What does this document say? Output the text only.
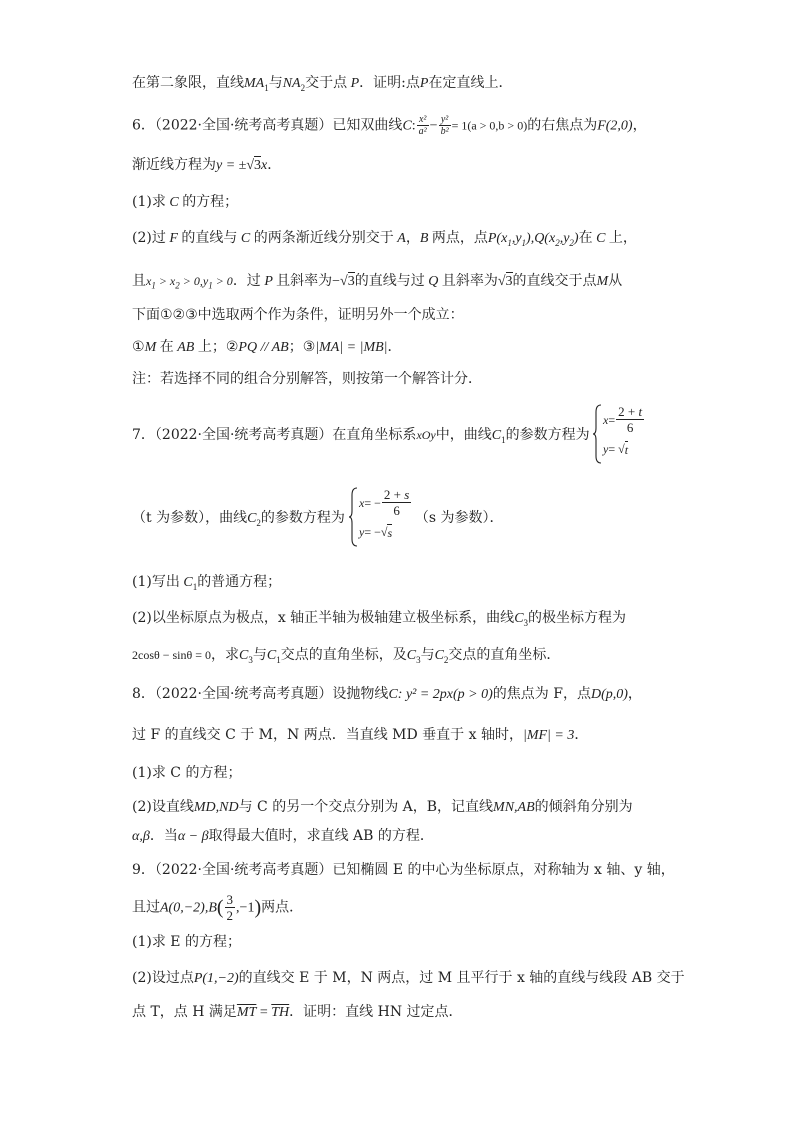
在第二象限，直线$MA_1$与$NA_2$交于点 P．证明:点P在定直线上．
6．（2022·全国·统考高考真题）已知双曲线C: $\frac{\text{x²}}{\text{a²}} - \frac{\text{y²}}{\text{b²}} = 1(a > 0,b > 0)$的右焦点为F(2,0)，
渐近线方程为y = ±√3x．
(1)求 C 的方程；
(2)过 F 的直线与 C 的两条渐近线分别交于 A，B 两点，点$P(x_1,y_1),Q(x_2,y_2)$在 C 上，
且$x_1 > x_2 > 0,y_1 > 0$．过 P 且斜率为−√3的直线与过 Q 且斜率为√3的直线交于点M从
下面①②③中选取两个作为条件，证明另外一个成立：
①M 在 AB 上；②PQ // AB；③|MA| = |MB|．
注：若选择不同的组合分别解答，则按第一个解答计分．
7．（2022·全国·统考高考真题）在直角坐标系xOy中，曲线$C_1$的参数方程为
$x = \frac{2 + t}{6}$
y = √ t
（t 为参数），曲线$C_2$的参数方程为	（s 为参数）．
x = − $\frac{2 + s}{6}$
y = −√ s
(1)写出 $C_1$的普通方程；
(2)以坐标原点为极点，x 轴正半轴为极轴建立极坐标系，曲线$C_3$的极坐标方程为
2cosθ − sinθ = 0，求$C_3$与$C_1$交点的直角坐标，及$C_3$与$C_2$交点的直角坐标．
8．（2022·全国·统考高考真题）设抛物线C: y² = 2px(p > 0)的焦点为 F，点D(p,0)，
过 F 的直线交 C 于 M，N 两点．当直线 MD 垂直于 x 轴时，|MF| = 3．
(1)求 C 的方程；
(2)设直线MD,ND与 C 的另一个交点分别为 A，B，记直线MN,AB的倾斜角分别为
α,β．当α − β取得最大值时，求直线 AB 的方程．
9．（2022·全国·统考高考真题）已知椭圆 E 的中心为坐标原点，对称轴为 x 轴、y 轴，
且过$A(0,-2),B( \frac{3}{2} ,-1)$两点．
(1)求 E 的方程；
(2)设过点P(1,−2)的直线交 E 于 M，N 两点，过 M 且平行于 x 轴的直线与线段 AB 交于
点 T，点 H 满足$\overline{MT} = \overline{TH}$．证明：直线 HN 过定点．
